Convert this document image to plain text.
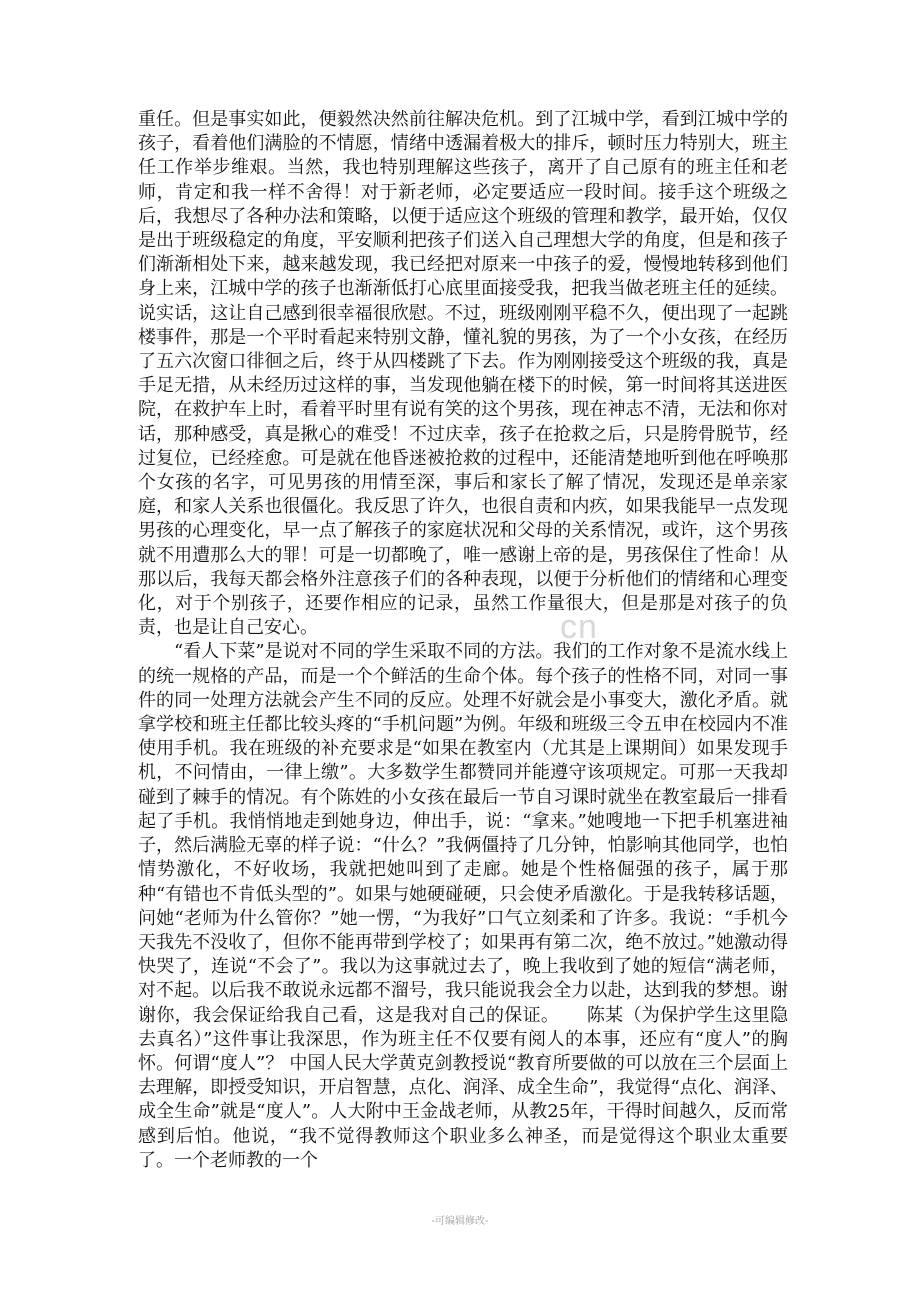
重任。但是事实如此，便毅然决然前往解决危机。到了江城中学，看到江城中学的孩子，看着他们满脸的不情愿，情绪中透漏着极大的排斥，顿时压力特别大，班主任工作举步维艰。当然，我也特别理解这些孩子，离开了自己原有的班主任和老师，肯定和我一样不舍得！对于新老师，必定要适应一段时间。接手这个班级之后，我想尽了各种办法和策略，以便于适应这个班级的管理和教学，最开始，仅仅是出于班级稳定的角度，平安顺利把孩子们送入自己理想大学的角度，但是和孩子们渐渐相处下来，越来越发现，我已经把对原来一中孩子的爱，慢慢地转移到他们身上来，江城中学的孩子也渐渐低打心底里面接受我，把我当做老班主任的延续。说实话，这让自己感到很幸福很欣慰。不过，班级刚刚平稳不久，便出现了一起跳楼事件，那是一个平时看起来特别文静，懂礼貌的男孩，为了一个小女孩，在经历了五六次窗口徘徊之后，终于从四楼跳了下去。作为刚刚接受这个班级的我，真是手足无措，从未经历过这样的事，当发现他躺在楼下的时候，第一时间将其送进医院，在救护车上时，看着平时里有说有笑的这个男孩，现在神志不清，无法和你对话，那种感受，真是揪心的难受！不过庆幸，孩子在抢救之后，只是胯骨脱节，经过复位，已经痊愈。可是就在他昏迷被抢救的过程中，还能清楚地听到他在呼唤那个女孩的名字，可见男孩的用情至深，事后和家长了解了情况，发现还是单亲家庭，和家人关系也很僵化。我反思了许久，也很自责和内疚，如果我能早一点发现男孩的心理变化，早一点了解孩子的家庭状况和父母的关系情况，或许，这个男孩就不用遭那么大的罪！可是一切都晚了，唯一感谢上帝的是，男孩保住了性命！从那以后，我每天都会格外注意孩子们的各种表现，以便于分析他们的情绪和心理变化，对于个别孩子，还要作相应的记录，虽然工作量很大，但是那是对孩子的负责，也是让自己安心。

“看人下菜”是说对不同的学生采取不同的方法。我们的工作对象不是流水线上的统一规格的产品，而是一个个鲜活的生命个体。每个孩子的性格不同，对同一事件的同一处理方法就会产生不同的反应。处理不好就会是小事变大，激化矛盾。就拿学校和班主任都比较头疼的“手机问题”为例。年级和班级三令五申在校园内不准使用手机。我在班级的补充要求是“如果在教室内（尤其是上课期间）如果发现手机，不问情由，一律上缴”。大多数学生都赞同并能遵守该项规定。可那一天我却碰到了棘手的情况。有个陈姓的小女孩在最后一节自习课时就坐在教室最后一排看起了手机。我悄悄地走到她身边，伸出手，说：“拿来。”她嗖地一下把手机塞进袖子，然后满脸无辜的样子说：“什么？”我俩僵持了几分钟，怕影响其他同学，也怕情势激化，不好收场，我就把她叫到了走廊。她是个性格倔强的孩子，属于那种“有错也不肯低头型的”。如果与她硬碰硬，只会使矛盾激化。于是我转移话题，问她“老师为什么管你？”她一愣，“为我好”口气立刻柔和了许多。我说：“手机今天我先不没收了，但你不能再带到学校了；如果再有第二次，绝不放过。”她激动得快哭了，连说“不会了”。我以为这事就过去了，晚上我收到了她的短信“满老师，对不起。以后我不敢说永远都不溜号，我只能说我会全力以赴，达到我的梦想。谢谢你，我会保证给我自己看，这是我对自己的保证。　　陈某（为保护学生这里隐去真名）”这件事让我深思，作为班主任不仅要有阅人的本事，还应有“度人”的胸怀。何谓“度人”？ 中国人民大学黄克剑教授说“教育所要做的可以放在三个层面上去理解，即授受知识，开启智慧，点化、润泽、成全生命”，我觉得“点化、润泽、成全生命”就是“度人”。人大附中王金战老师，从教25年，干得时间越久，反而常感到后怕。他说，“我不觉得教师这个职业多么神圣，而是觉得这个职业太重要了。一个老师教的一个

cn
-可编辑修改-
